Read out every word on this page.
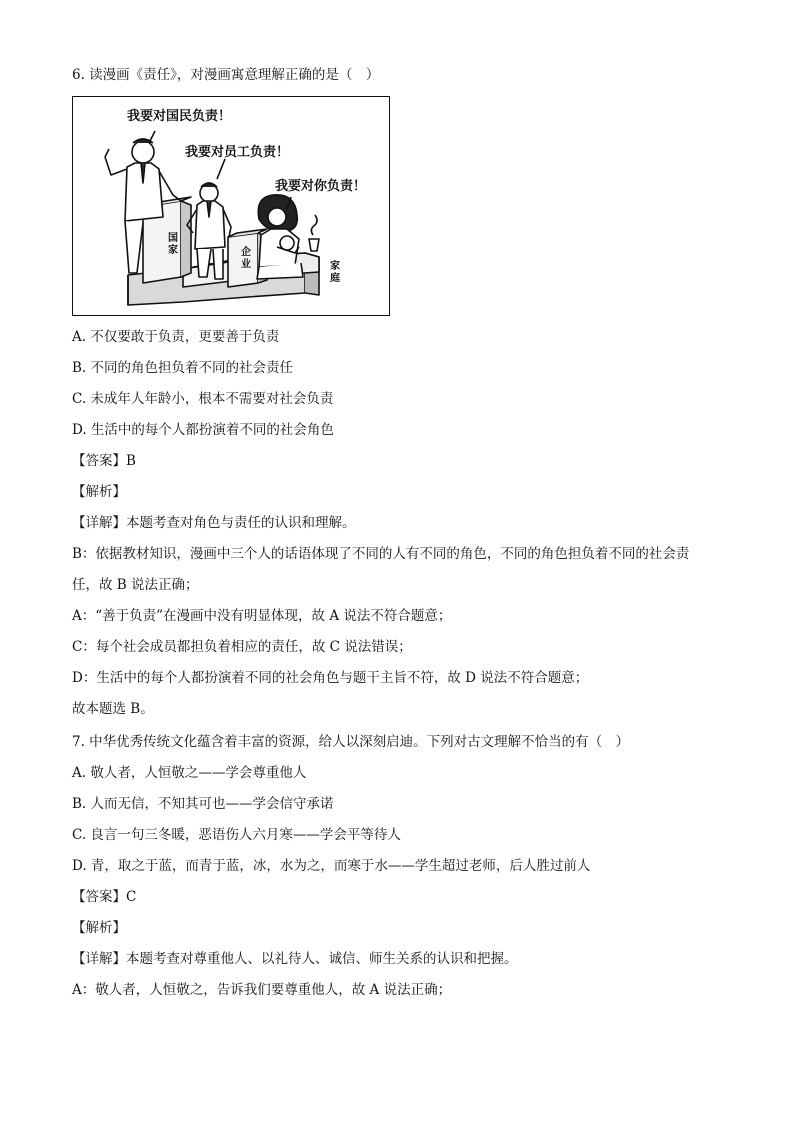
6. 读漫画《责任》，对漫画寓意理解正确的是（　）
我要对国民负责！
我要对员工负责！
我要对你负责！
国家	企业	家庭
A. 不仅要敢于负责，更要善于负责
B. 不同的角色担负着不同的社会责任
C. 未成年人年龄小，根本不需要对社会负责
D. 生活中的每个人都扮演着不同的社会角色
【答案】B
【解析】
【详解】本题考查对角色与责任的认识和理解。
B：依据教材知识，漫画中三个人的话语体现了不同的人有不同的角色，不同的角色担负着不同的社会责
任，故 B 说法正确；
A：“善于负责”在漫画中没有明显体现，故 A 说法不符合题意；
C：每个社会成员都担负着相应的责任，故 C 说法错误；
D：生活中的每个人都扮演着不同的社会角色与题干主旨不符，故 D 说法不符合题意；
故本题选 B。
7. 中华优秀传统文化蕴含着丰富的资源，给人以深刻启迪。下列对古文理解不恰当的有（　）
A. 敬人者，人恒敬之——学会尊重他人
B. 人而无信，不知其可也——学会信守承诺
C. 良言一句三冬暖，恶语伤人六月寒——学会平等待人
D. 青，取之于蓝，而青于蓝，冰，水为之，而寒于水——学生超过老师，后人胜过前人
【答案】C
【解析】
【详解】本题考查对尊重他人、以礼待人、诚信、师生关系的认识和把握。
A：敬人者，人恒敬之，告诉我们要尊重他人，故 A 说法正确；
